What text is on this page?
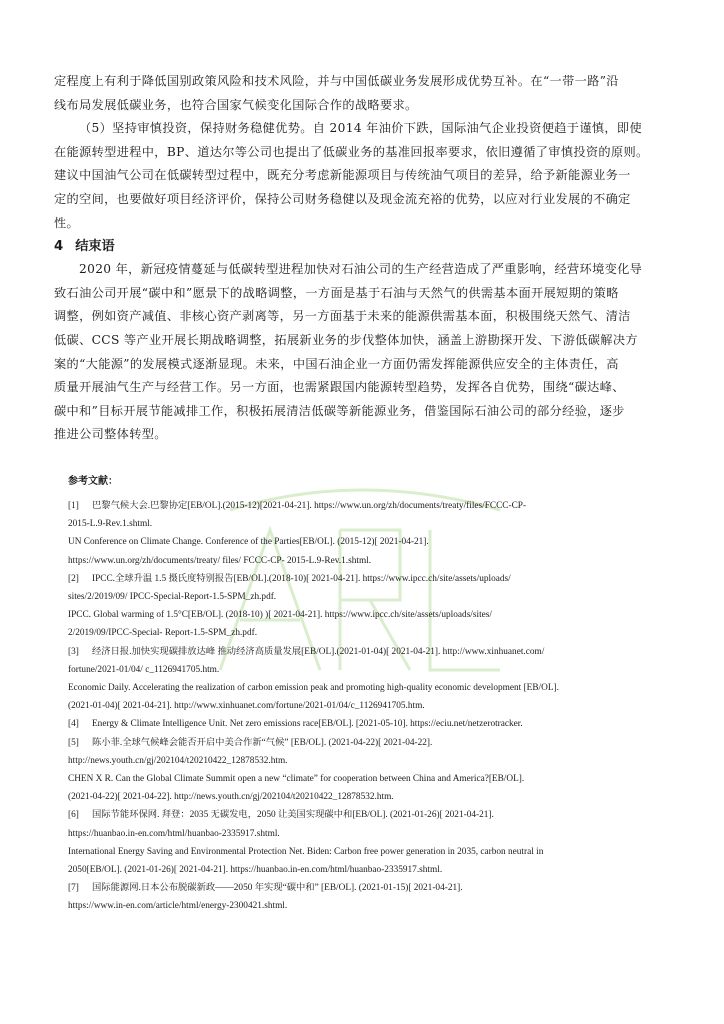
定程度上有利于降低国别政策风险和技术风险，并与中国低碳业务发展形成优势互补。在“一带一路”沿
线布局发展低碳业务，也符合国家气候变化国际合作的战略要求。
（5）坚持审慎投资，保持财务稳健优势。自 2014 年油价下跌，国际油气企业投资便趋于谨慎，即使
在能源转型进程中，BP、道达尔等公司也提出了低碳业务的基准回报率要求，依旧遵循了审慎投资的原则。
建议中国油气公司在低碳转型过程中，既充分考虑新能源项目与传统油气项目的差异，给予新能源业务一
定的空间，也要做好项目经济评价，保持公司财务稳健以及现金流充裕的优势，以应对行业发展的不确定
性。
4 结束语
2020 年，新冠疫情蔓延与低碳转型进程加快对石油公司的生产经营造成了严重影响，经营环境变化导
致石油公司开展“碳中和”愿景下的战略调整，一方面是基于石油与天然气的供需基本面开展短期的策略
调整，例如资产减值、非核心资产剥离等，另一方面基于未来的能源供需基本面，积极围绕天然气、清洁
低碳、CCS 等产业开展长期战略调整，拓展新业务的步伐整体加快，涵盖上游勘探开发、下游低碳解决方
案的“大能源”的发展模式逐渐显现。未来，中国石油企业一方面仍需发挥能源供应安全的主体责任，高
质量开展油气生产与经营工作。另一方面，也需紧跟国内能源转型趋势，发挥各自优势，围绕“碳达峰、
碳中和”目标开展节能减排工作，积极拓展清洁低碳等新能源业务，借鉴国际石油公司的部分经验，逐步
推进公司整体转型。
参考文献：
[1] 巴黎气候大会.巴黎协定[EB/OL].(2015-12)[2021-04-21]. https://www.un.org/zh/documents/treaty/files/FCCC-CP-
2015-L.9-Rev.1.shtml.
UN Conference on Climate Change. Conference of the Parties[EB/OL]. (2015-12)[ 2021-04-21].
https://www.un.org/zh/documents/treaty/ files/ FCCC-CP- 2015-L.9-Rev.1.shtml.
[2] IPCC.全球升温 1.5 摄氏度特别报告[EB/OL].(2018-10)[ 2021-04-21]. https://www.ipcc.ch/site/assets/uploads/
sites/2/2019/09/ IPCC-Special-Report-1.5-SPM_zh.pdf.
IPCC. Global warming of 1.5°C[EB/OL]. (2018-10) )[ 2021-04-21]. https://www.ipcc.ch/site/assets/uploads/sites/
2/2019/09/IPCC-Special- Report-1.5-SPM_zh.pdf.
[3] 经济日报.加快实现碳排放达峰 推动经济高质量发展[EB/OL].(2021-01-04)[ 2021-04-21]. http://www.xinhuanet.com/
fortune/2021-01/04/ c_1126941705.htm.
Economic Daily. Accelerating the realization of carbon emission peak and promoting high-quality economic development [EB/OL].
(2021-01-04)[ 2021-04-21]. http://www.xinhuanet.com/fortune/2021-01/04/c_1126941705.htm.
[4] Energy & Climate Intelligence Unit. Net zero emissions race[EB/OL]. [2021-05-10]. https://eciu.net/netzerotracker.
[5] 陈小菲.全球气候峰会能否开启中美合作新“气候” [EB/OL]. (2021-04-22)[ 2021-04-22].
http://news.youth.cn/gj/202104/t20210422_12878532.htm.
CHEN X R. Can the Global Climate Summit open a new “climate” for cooperation between China and America?[EB/OL].
(2021-04-22)[ 2021-04-22]. http://news.youth.cn/gj/202104/t20210422_12878532.htm.
[6] 国际节能环保网. 拜登：2035 无碳发电，2050 让美国实现碳中和[EB/OL]. (2021-01-26)[ 2021-04-21].
https://huanbao.in-en.com/html/huanbao-2335917.shtml.
International Energy Saving and Environmental Protection Net. Biden: Carbon free power generation in 2035, carbon neutral in
2050[EB/OL]. (2021-01-26)[ 2021-04-21]. https://huanbao.in-en.com/html/huanbao-2335917.shtml.
[7] 国际能源网.日本公布脱碳新政——2050 年实现“碳中和” [EB/OL]. (2021-01-15)[ 2021-04-21].
https://www.in-en.com/article/html/energy-2300421.shtml.
